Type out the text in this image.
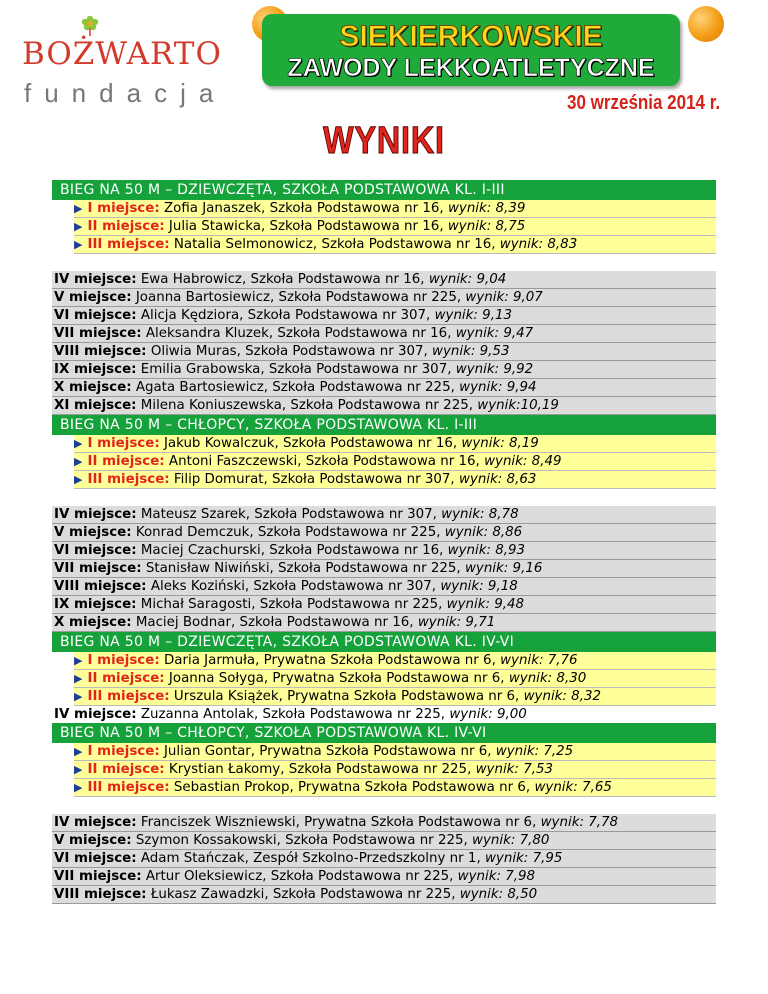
BOŻWARTO
fundacja
SIEKIERKOWSKIE
ZAWODY LEKKOATLETYCZNE
30 września 2014 r.
WYNIKI
BIEG NA 50 M – DZIEWCZĘTA, SZKOŁA PODSTAWOWA KL. I-III
▶ I miejsce: Zofia Janaszek, Szkoła Podstawowa nr 16, wynik: 8,39
▶ II miejsce: Julia Stawicka, Szkoła Podstawowa nr 16, wynik: 8,75
▶ III miejsce: Natalia Selmonowicz, Szkoła Podstawowa nr 16, wynik: 8,83
IV miejsce: Ewa Habrowicz, Szkoła Podstawowa nr 16, wynik: 9,04
V miejsce: Joanna Bartosiewicz, Szkoła Podstawowa nr 225, wynik: 9,07
VI miejsce: Alicja Kędziora, Szkoła Podstawowa nr 307, wynik: 9,13
VII miejsce: Aleksandra Kluzek, Szkoła Podstawowa nr 16, wynik: 9,47
VIII miejsce: Oliwia Muras, Szkoła Podstawowa nr 307, wynik: 9,53
IX miejsce: Emilia Grabowska, Szkoła Podstawowa nr 307, wynik: 9,92
X miejsce: Agata Bartosiewicz, Szkoła Podstawowa nr 225, wynik: 9,94
XI miejsce: Milena Koniuszewska, Szkoła Podstawowa nr 225, wynik:10,19
BIEG NA 50 M – CHŁOPCY, SZKOŁA PODSTAWOWA KL. I-III
▶ I miejsce: Jakub Kowalczuk, Szkoła Podstawowa nr 16, wynik: 8,19
▶ II miejsce: Antoni Faszczewski, Szkoła Podstawowa nr 16, wynik: 8,49
▶ III miejsce: Filip Domurat, Szkoła Podstawowa nr 307, wynik: 8,63
IV miejsce: Mateusz Szarek, Szkoła Podstawowa nr 307, wynik: 8,78
V miejsce: Konrad Demczuk, Szkoła Podstawowa nr 225, wynik: 8,86
VI miejsce: Maciej Czachurski, Szkoła Podstawowa nr 16, wynik: 8,93
VII miejsce: Stanisław Niwiński, Szkoła Podstawowa nr 225, wynik: 9,16
VIII miejsce: Aleks Koziński, Szkoła Podstawowa nr 307, wynik: 9,18
IX miejsce: Michał Saragosti, Szkoła Podstawowa nr 225, wynik: 9,48
X miejsce: Maciej Bodnar, Szkoła Podstawowa nr 16, wynik: 9,71
BIEG NA 50 M – DZIEWCZĘTA, SZKOŁA PODSTAWOWA KL. IV-VI
▶ I miejsce: Daria Jarmuła, Prywatna Szkoła Podstawowa nr 6, wynik: 7,76
▶ II miejsce: Joanna Sołyga, Prywatna Szkoła Podstawowa nr 6, wynik: 8,30
▶ III miejsce: Urszula Książek, Prywatna Szkoła Podstawowa nr 6, wynik: 8,32
IV miejsce: Zuzanna Antolak, Szkoła Podstawowa nr 225, wynik: 9,00
BIEG NA 50 M – CHŁOPCY, SZKOŁA PODSTAWOWA KL. IV-VI
▶ I miejsce: Julian Gontar, Prywatna Szkoła Podstawowa nr 6, wynik: 7,25
▶ II miejsce: Krystian Łakomy, Szkoła Podstawowa nr 225, wynik: 7,53
▶ III miejsce: Sebastian Prokop, Prywatna Szkoła Podstawowa nr 6, wynik: 7,65
IV miejsce: Franciszek Wiszniewski, Prywatna Szkoła Podstawowa nr 6, wynik: 7,78
V miejsce: Szymon Kossakowski, Szkoła Podstawowa nr 225, wynik: 7,80
VI miejsce: Adam Stańczak, Zespół Szkolno-Przedszkolny nr 1, wynik: 7,95
VII miejsce: Artur Oleksiewicz, Szkoła Podstawowa nr 225, wynik: 7,98
VIII miejsce: Łukasz Zawadzki, Szkoła Podstawowa nr 225, wynik: 8,50
